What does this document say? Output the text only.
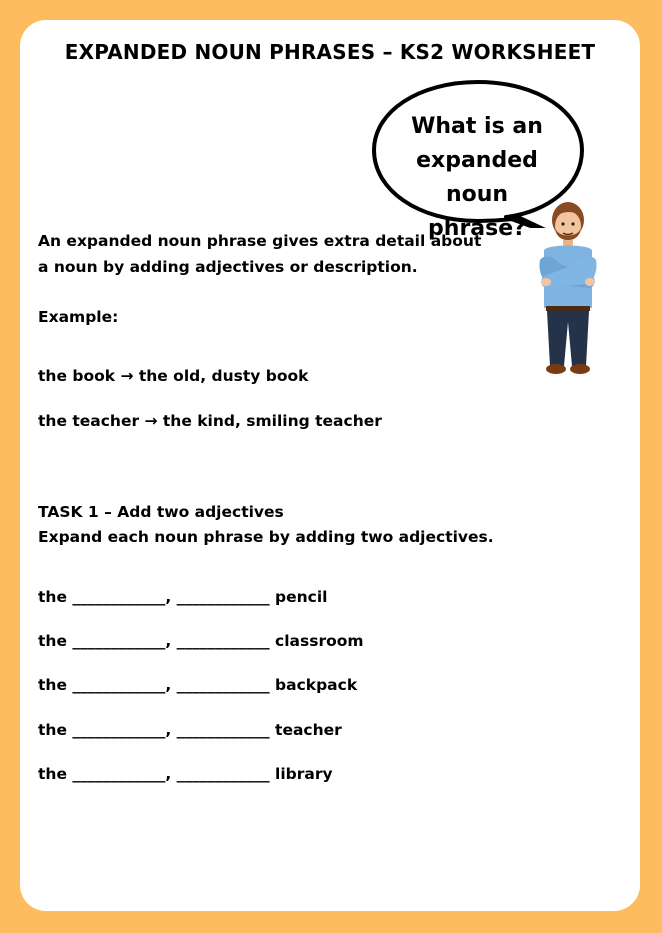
EXPANDED NOUN PHRASES – KS2 WORKSHEET
What is an
expanded noun
phrase?
An expanded noun phrase gives extra detail about
a noun by adding adjectives or description.
Example:
the book → the old, dusty book
the teacher → the kind, smiling teacher
TASK 1 – Add two adjectives
Expand each noun phrase by adding two adjectives.
the ____________, ____________ pencil
the ____________, ____________ classroom
the ____________, ____________ backpack
the ____________, ____________ teacher
the ____________, ____________ library
